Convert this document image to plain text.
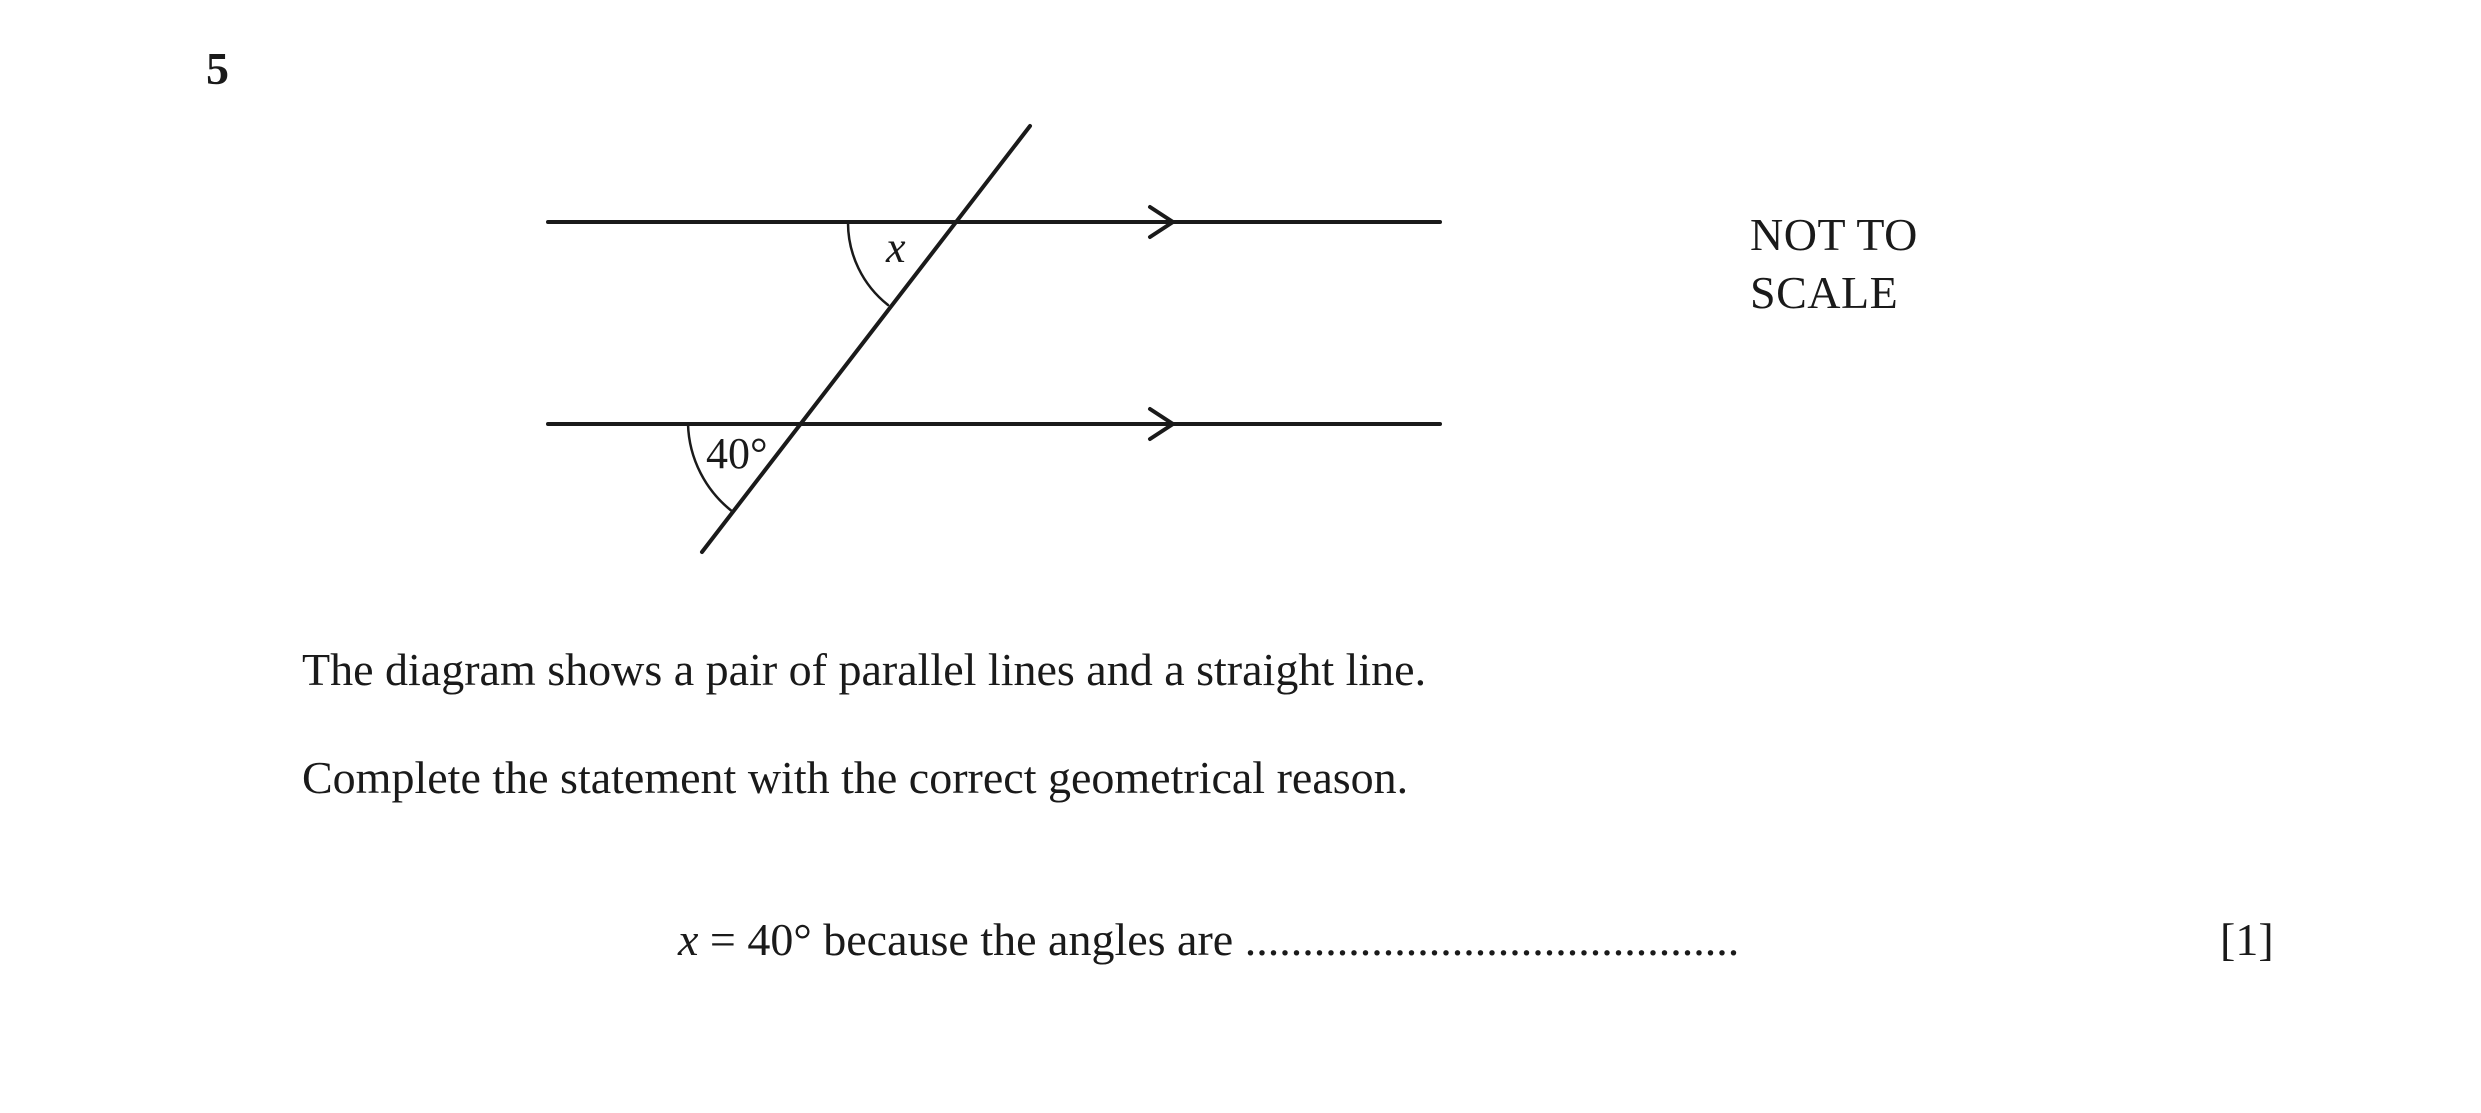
5
x
40°
NOT TO
SCALE
The diagram shows a pair of parallel lines and a straight line.
Complete the statement with the correct geometrical reason.
x = 40° because the angles are ...........................................	[1]
